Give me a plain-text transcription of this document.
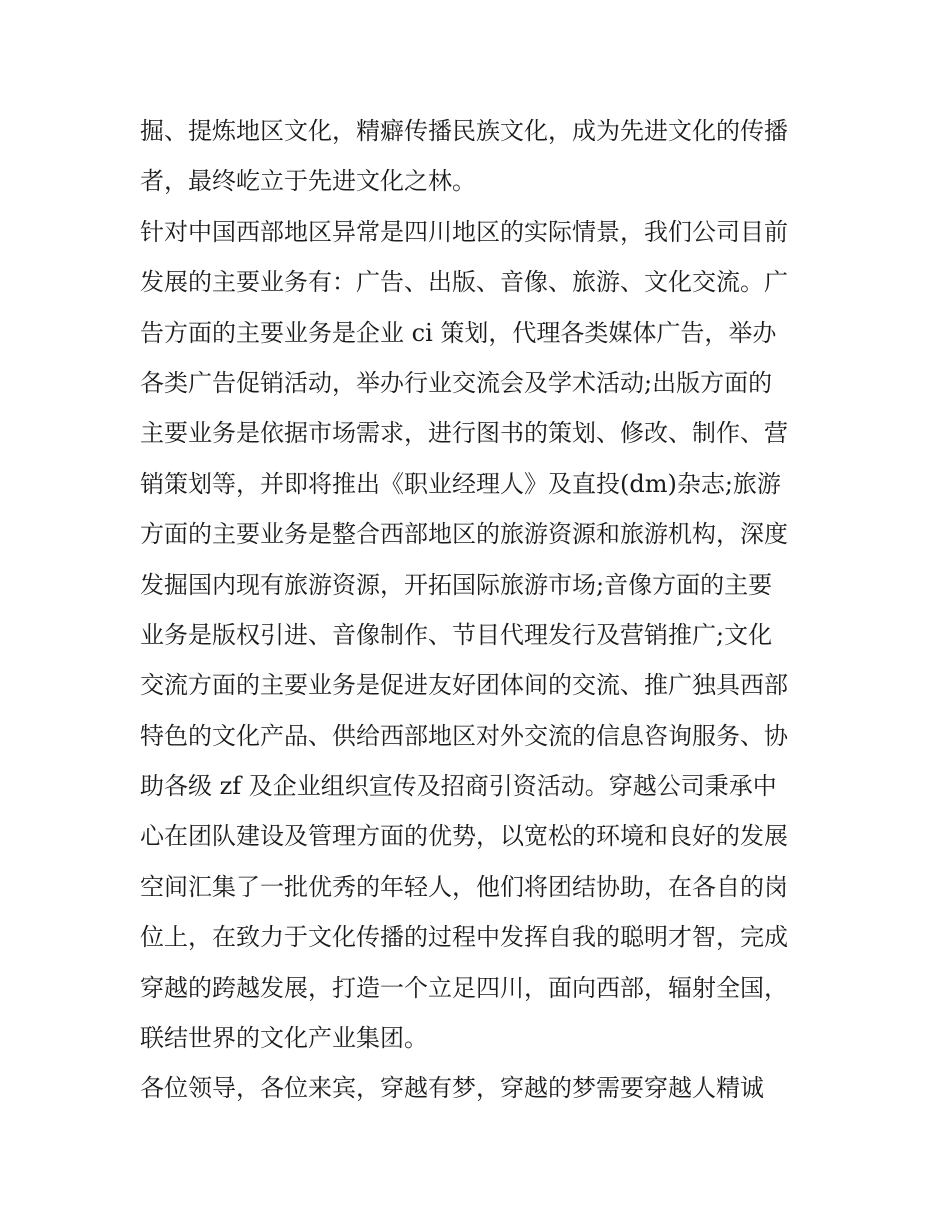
掘、提炼地区文化，精癖传播民族文化，成为先进文化的传播
者，最终屹立于先进文化之林。
针对中国西部地区异常是四川地区的实际情景，我们公司目前
发展的主要业务有：广告、出版、音像、旅游、文化交流。广
告方面的主要业务是企业 ci 策划，代理各类媒体广告，举办
各类广告促销活动，举办行业交流会及学术活动;出版方面的
主要业务是依据市场需求，进行图书的策划、修改、制作、营
销策划等，并即将推出《职业经理人》及直投(dm)杂志;旅游
方面的主要业务是整合西部地区的旅游资源和旅游机构，深度
发掘国内现有旅游资源，开拓国际旅游市场;音像方面的主要
业务是版权引进、音像制作、节目代理发行及营销推广;文化
交流方面的主要业务是促进友好团体间的交流、推广独具西部
特色的文化产品、供给西部地区对外交流的信息咨询服务、协
助各级 zf 及企业组织宣传及招商引资活动。穿越公司秉承中
心在团队建设及管理方面的优势，以宽松的环境和良好的发展
空间汇集了一批优秀的年轻人，他们将团结协助，在各自的岗
位上，在致力于文化传播的过程中发挥自我的聪明才智，完成
穿越的跨越发展，打造一个立足四川，面向西部，辐射全国，
联结世界的文化产业集团。
各位领导，各位来宾，穿越有梦，穿越的梦需要穿越人精诚
